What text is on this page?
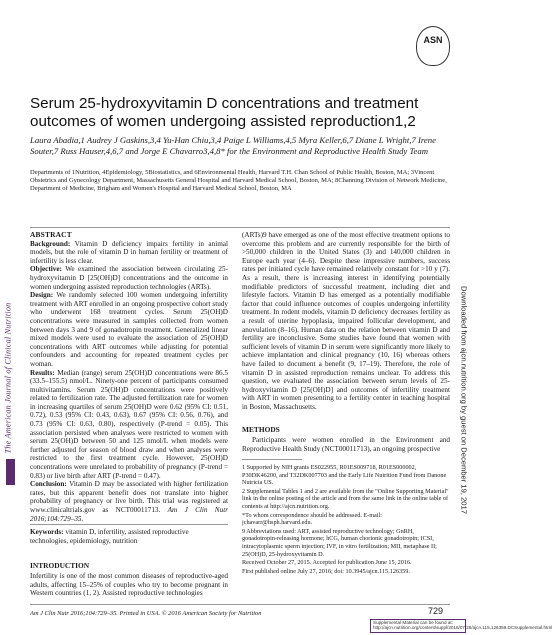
The American Journal of Clinical Nutrition
ASN
Downloaded from ajcn.nutrition.org by guest on December 19, 2017
Serum 25-hydroxyvitamin D concentrations and treatment outcomes of women undergoing assisted reproduction1,2
Laura Abadia,1 Audrey J Gaskins,3,4 Yu-Han Chiu,3,4 Paige L Williams,4,5 Myra Keller,6,7 Diane L Wright,7 Irene Souter,7 Russ Hauser,4,6,7 and Jorge E Chavarro3,4,8* for the Environment and Reproductive Health Study Team
Departments of 1Nutrition, 4Epidemiology, 5Biostatistics, and 6Environmental Health, Harvard T.H. Chan School of Public Health, Boston, MA; 3Vincent Obstetrics and Gynecology Department, Massachusetts General Hospital and Harvard Medical School, Boston, MA; 8Channing Division of Network Medicine, Department of Medicine, Brigham and Women's Hospital and Harvard Medical School, Boston, MA

ABSTRACT

Background: Vitamin D deficiency impairs fertility in animal models, but the role of vitamin D in human fertility or treatment of infertility is less clear.

Objective: We examined the association between circulating 25-hydroxyvitamin D [25(OH)D] concentrations and the outcome in women undergoing assisted reproduction technologies (ARTs).

Design: We randomly selected 100 women undergoing infertility treatment with ART enrolled in an ongoing prospective cohort study who underwent 168 treatment cycles. Serum 25(OH)D concentrations were measured in samples collected from women between days 3 and 9 of gonadotropin treatment. Generalized linear mixed models were used to evaluate the association of 25(OH)D concentrations with ART outcomes while adjusting for potential confounders and accounting for repeated treatment cycles per woman.

Results: Median (range) serum 25(OH)D concentrations were 86.5 (33.5–155.5) nmol/L. Ninety-one percent of participants consumed multivitamins. Serum 25(OH)D concentrations were positively related to fertilization rate. The adjusted fertilization rate for women in increasing quartiles of serum 25(OH)D were 0.62 (95% CI: 0.51, 0.72), 0.53 (95% CI: 0.43, 0.63), 0.67 (95% CI: 0.56, 0.76), and 0.73 (95% CI: 0.63, 0.80), respectively (P-trend = 0.05). This association persisted when analyses were restricted to women with serum 25(OH)D between 50 and 125 nmol/L when models were further adjusted for season of blood draw and when analyses were restricted to the first treatment cycle. However, 25(OH)D concentrations were unrelated to probability of pregnancy (P-trend = 0.83) or live birth after ART (P-trend = 0.47).

Conclusion: Vitamin D may be associated with higher fertilization rates, but this apparent benefit does not translate into higher probability of pregnancy or live birth. This trial was registered at www.clinicaltrials.gov as NCT00011713. Am J Clin Nutr 2016;104:729–35.

Keywords: vitamin D, infertility, assisted reproductive technologies, epidemiology, nutrition
INTRODUCTION
Infertility is one of the most common diseases of reproductive-aged adults, affecting 15–25% of couples who try to become pregnant in Western countries (1, 2). Assisted reproductive technologies
(ARTs)9 have emerged as one of the most effective treatment options to overcome this problem and are currently responsible for the birth of >50,000 children in the United States (3) and 140,000 children in Europe each year (4–6). Despite these impressive numbers, success rates per initiated cycle have remained relatively constant for >10 y (7). As a result, there is increasing interest in identifying potentially modifiable predictors of successful treatment, including diet and lifestyle factors. Vitamin D has emerged as a potentially modifiable factor that could influence outcomes of couples undergoing infertility treatment. In rodent models, vitamin D deficiency decreases fertility as a result of uterine hypoplasia, impaired follicular development, and anovulation (8–16). Human data on the relation between vitamin D and fertility are inconclusive. Some studies have found that women with sufficient levels of vitamin D in serum were significantly more likely to achieve implantation and clinical pregnancy (10, 16) whereas others have failed to document a benefit (9, 17–19). Therefore, the role of vitamin D in assisted reproduction remains unclear. To address this question, we evaluated the association between serum levels of 25-hydroxyvitamin D [25(OH)D] and outcomes of infertility treatment with ART in women presenting to a fertility center in teaching hospital in Boston, Massachusetts.
METHODS
Participants were women enrolled in the Environment and Reproductive Health Study (NCT00011713), an ongoing prospective

1 Supported by NIH grants ES022955, R01ES009718, R01ES000002, P30DK46200, and T32DK007703 and the Early Life Nutrition Fund from Danone Nutricia US.

2 Supplemental Tables 1 and 2 are available from the "Online Supporting Material" link in the online posting of the article and from the same link in the online table of contents at http://ajcn.nutrition.org.

*To whom correspondence should be addressed. E-mail: jchavarr@hsph.harvard.edu.

9 Abbreviations used: ART, assisted reproductive technology; GnRH, gonadotropin-releasing hormone; hCG, human chorionic gonadotropin; ICSI, intracytoplasmic sperm injection; IVF, in vitro fertilization; MII, metaphase II; 25(OH)D, 25-hydroxyvitamin D.

Received October 27, 2015. Accepted for publication June 15, 2016.

First published online July 27, 2016; doi: 10.3945/ajcn.115.126359.

Am J Clin Nutr 2016;104:729–35. Printed in USA. © 2016 American Society for Nutrition	729
Supplemental Material can be found at: http://ajcn.nutrition.org/content/suppl/2016/07/26/ajcn.115.126359.DCSupplemental.html
